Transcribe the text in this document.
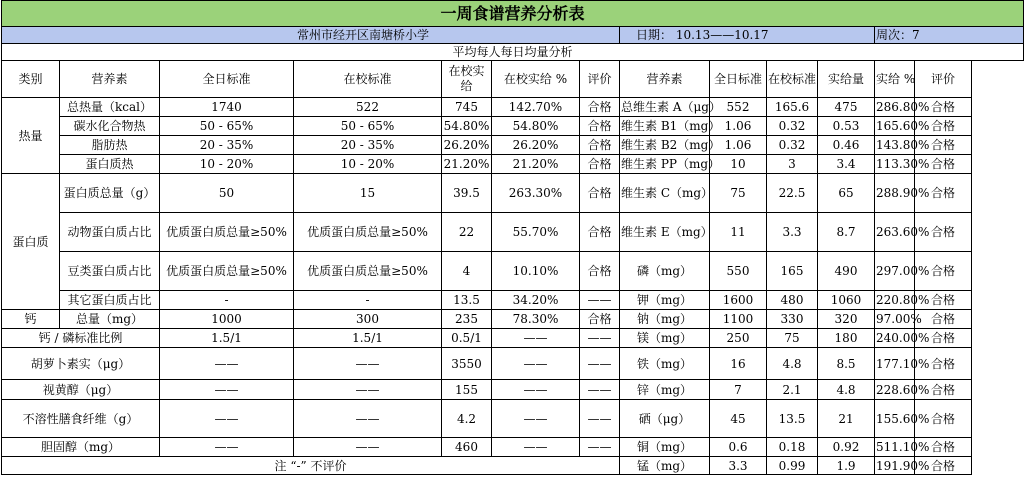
一周食谱营养分析表												
常州市经开区南塘桥小学							日期： 10.13——10.17				周次：7	
平均每人每日均量分析												
类别	营养素	全日标准	在校标准	在校实给	在校实给 %	评价	营养素	全日标准	在校标准	实给量	实给 %	评价
热量	总热量（kcal）	1740	522	745	142.70%	合格	总维生素 A（μg）	552	165.6	475	286.80%	合格
	碳水化合物热	50 - 65%	50 - 65%	54.80%	54.80%	合格	维生素 B1（mg）	1.06	0.32	0.53	165.60%	合格
	脂肪热	20 - 35%	20 - 35%	26.20%	26.20%	合格	维生素 B2（mg）	1.06	0.32	0.46	143.80%	合格
	蛋白质热	10 - 20%	10 - 20%	21.20%	21.20%	合格	维生素 PP（mg）	10	3	3.4	113.30%	合格
蛋白质	蛋白质总量（g）	50	15	39.5	263.30%	合格	维生素 C（mg）	75	22.5	65	288.90%	合格
	动物蛋白质占比	优质蛋白质总量≥50%	优质蛋白质总量≥50%	22	55.70%	合格	维生素 E（mg）	11	3.3	8.7	263.60%	合格
	豆类蛋白质占比	优质蛋白质总量≥50%	优质蛋白质总量≥50%	4	10.10%	合格	磷（mg）	550	165	490	297.00%	合格
	其它蛋白质占比	-	-	13.5	34.20%	——	钾（mg）	1600	480	1060	220.80%	合格
钙	总量（mg）	1000	300	235	78.30%	合格	钠（mg）	1100	330	320	97.00%	合格
钙 / 磷标准比例		1.5/1	1.5/1	0.5/1	——	——	镁（mg）	250	75	180	240.00%	合格
胡萝卜素实（μg）		——	——	3550	——	——	铁（mg）	16	4.8	8.5	177.10%	合格
视黄醇（μg）		——	——	155	——	——	锌（mg）	7	2.1	4.8	228.60%	合格
不溶性膳食纤维（g）		——	——	4.2	——	——	硒（μg）	45	13.5	21	155.60%	合格
胆固醇（mg）		——	——	460	——	——	铜（mg）	0.6	0.18	0.92	511.10%	合格
注 “-” 不评价							锰（mg）	3.3	0.99	1.9	191.90%	合格
